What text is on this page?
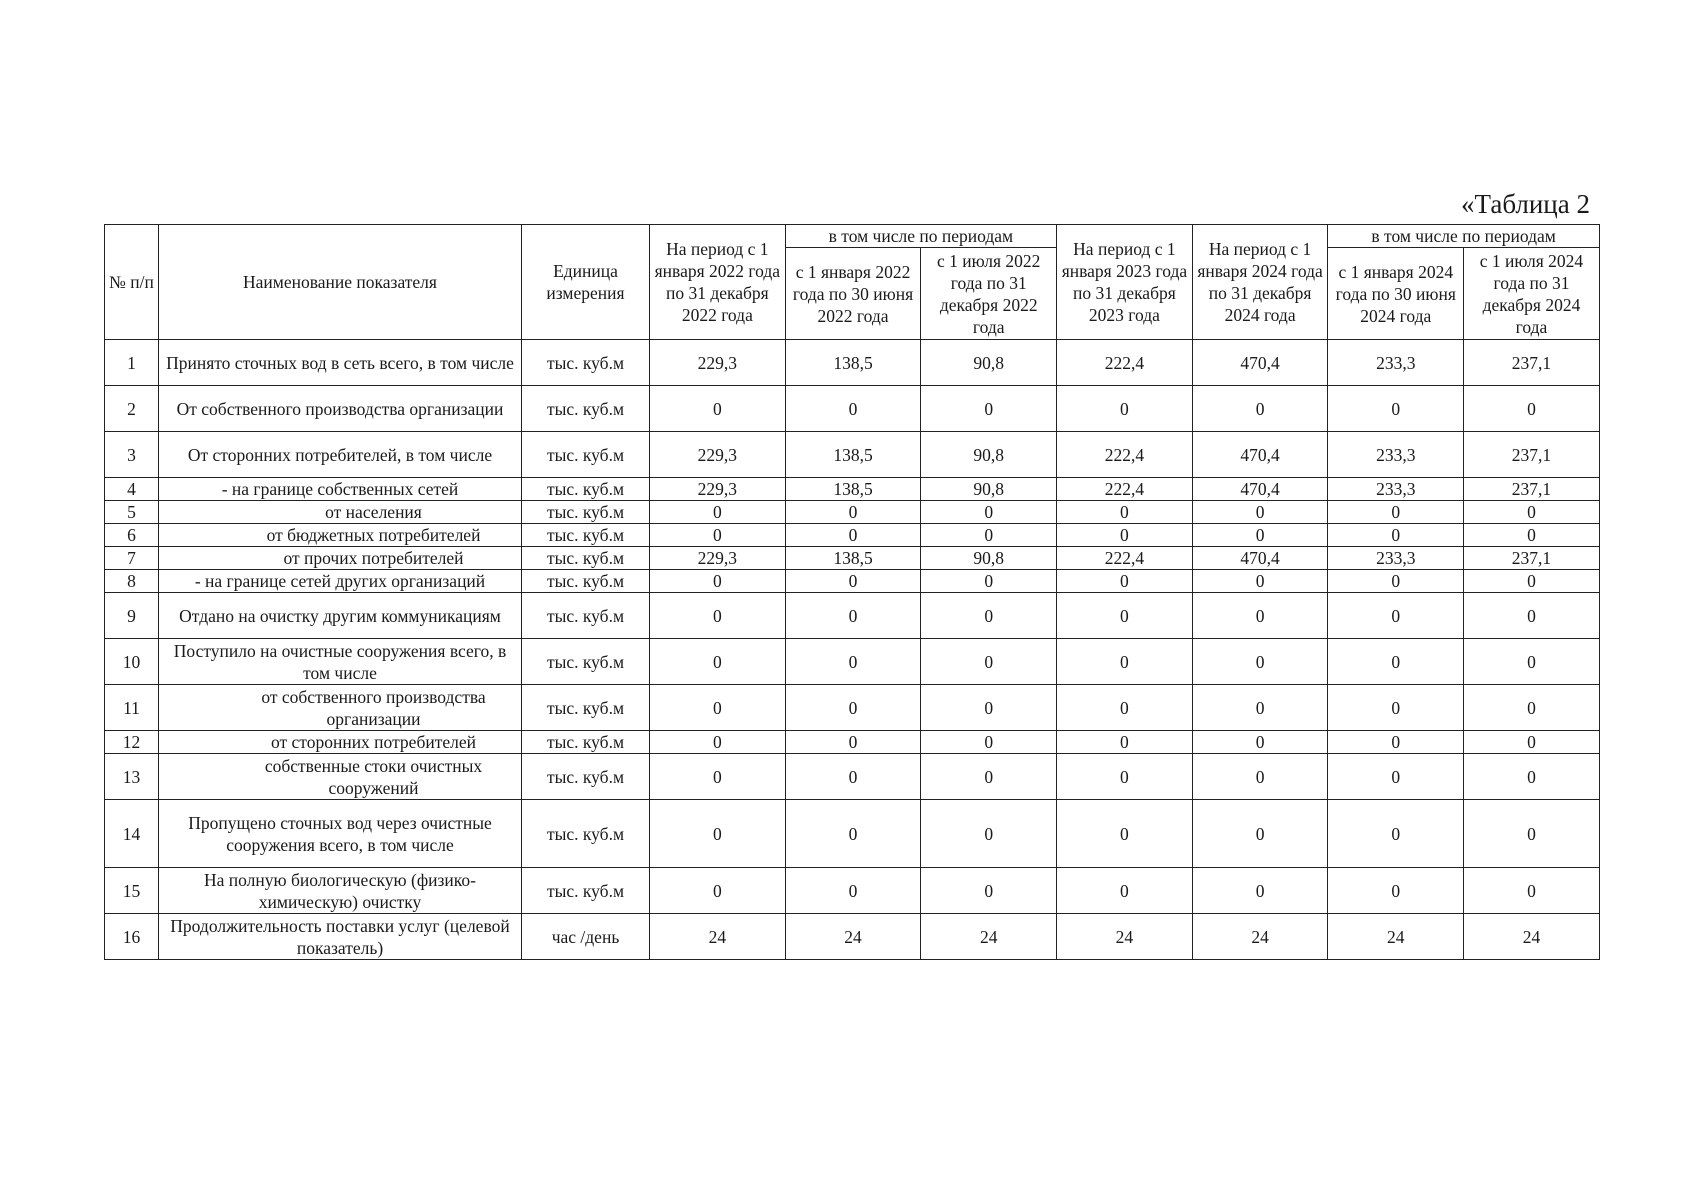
«Таблица 2
№ п/п	Наименование показателя	Единица измерения	На период с 1 января 2022 года по 31 декабря 2022 года	в том числе по периодам		На период с 1 января 2023 года по 31 декабря 2023 года	На период с 1 января 2024 года по 31 декабря 2024 года	в том числе по периодам	
				с 1 января 2022 года по 30 июня 2022 года	с 1 июля 2022 года по 31 декабря 2022 года			с 1 января 2024 года по 30 июня 2024 года	с 1 июля 2024 года по 31 декабря 2024 года
1	Принято сточных вод в сеть всего, в том числе	тыс. куб.м	229,3	138,5	90,8	222,4	470,4	233,3	237,1
2	От собственного производства организации	тыс. куб.м	0	0	0	0	0	0	0
3	От сторонних потребителей, в том числе	тыс. куб.м	229,3	138,5	90,8	222,4	470,4	233,3	237,1
4	- на границе собственных сетей	тыс. куб.м	229,3	138,5	90,8	222,4	470,4	233,3	237,1
5	от населения	тыс. куб.м	0	0	0	0	0	0	0
6	от бюджетных потребителей	тыс. куб.м	0	0	0	0	0	0	0
7	от прочих потребителей	тыс. куб.м	229,3	138,5	90,8	222,4	470,4	233,3	237,1
8	- на границе сетей других организаций	тыс. куб.м	0	0	0	0	0	0	0
9	Отдано на очистку другим коммуникациям	тыс. куб.м	0	0	0	0	0	0	0
10	Поступило на очистные сооружения всего, в том числе	тыс. куб.м	0	0	0	0	0	0	0
11	от собственного производства организации	тыс. куб.м	0	0	0	0	0	0	0
12	от сторонних потребителей	тыс. куб.м	0	0	0	0	0	0	0
13	собственные стоки очистных сооружений	тыс. куб.м	0	0	0	0	0	0	0
14	Пропущено сточных вод через очистные сооружения всего, в том числе	тыс. куб.м	0	0	0	0	0	0	0
15	На полную биологическую (физико-химическую) очистку	тыс. куб.м	0	0	0	0	0	0	0
16	Продолжительность поставки услуг (целевой показатель)	час /день	24	24	24	24	24	24	24
